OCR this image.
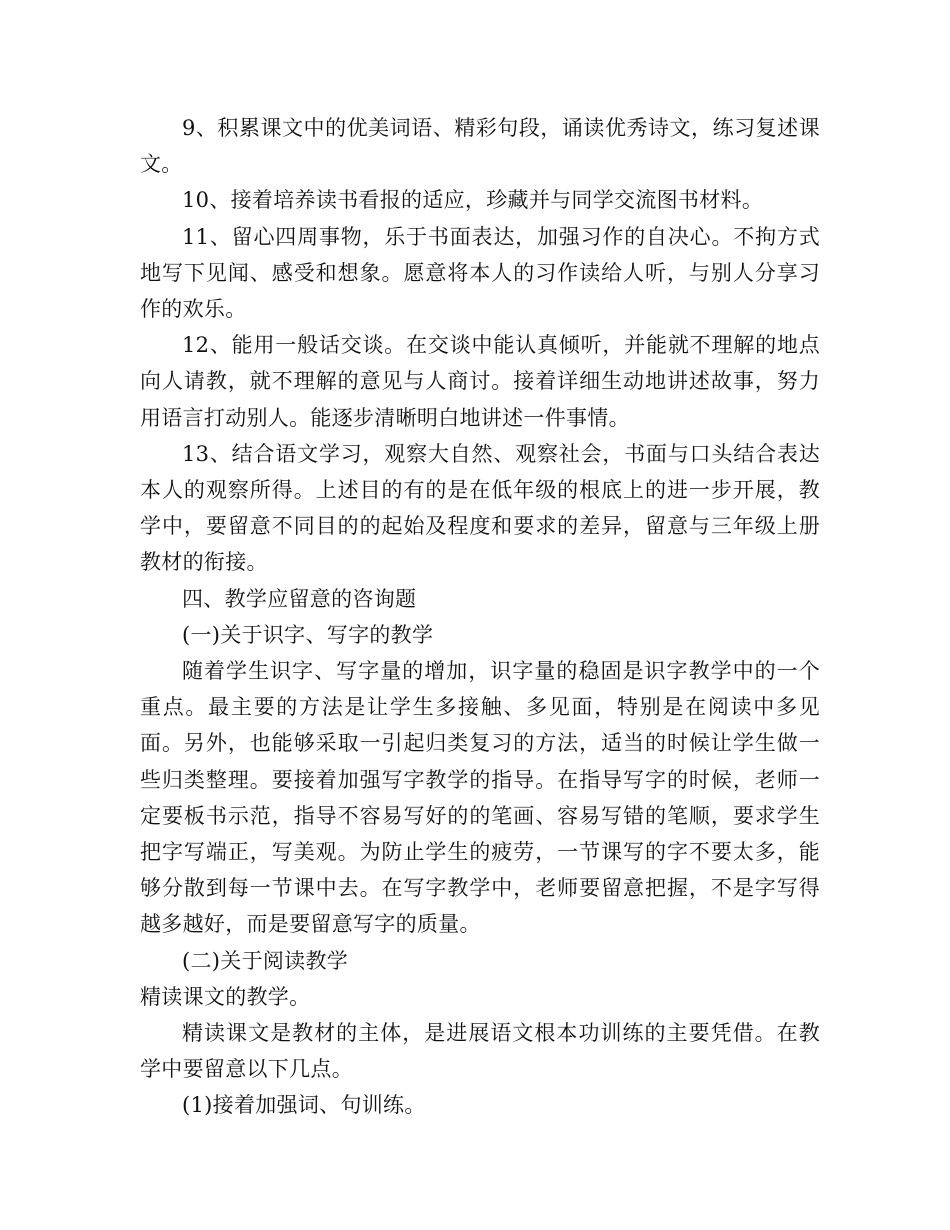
9、积累课文中的优美词语、精彩句段，诵读优秀诗文，练习复述课文。

10、接着培养读书看报的适应，珍藏并与同学交流图书材料。

11、留心四周事物，乐于书面表达，加强习作的自决心。不拘方式地写下见闻、感受和想象。愿意将本人的习作读给人听，与别人分享习作的欢乐。

12、能用一般话交谈。在交谈中能认真倾听，并能就不理解的地点向人请教，就不理解的意见与人商讨。接着详细生动地讲述故事，努力用语言打动别人。能逐步清晰明白地讲述一件事情。

13、结合语文学习，观察大自然、观察社会，书面与口头结合表达本人的观察所得。上述目的有的是在低年级的根底上的进一步开展，教学中，要留意不同目的的起始及程度和要求的差异，留意与三年级上册教材的衔接。

四、教学应留意的咨询题

(一)关于识字、写字的教学

随着学生识字、写字量的增加，识字量的稳固是识字教学中的一个重点。最主要的方法是让学生多接触、多见面，特别是在阅读中多见面。另外，也能够采取一引起归类复习的方法，适当的时候让学生做一些归类整理。要接着加强写字教学的指导。在指导写字的时候，老师一定要板书示范，指导不容易写好的的笔画、容易写错的笔顺，要求学生把字写端正，写美观。为防止学生的疲劳，一节课写的字不要太多，能够分散到每一节课中去。在写字教学中，老师要留意把握，不是字写得越多越好，而是要留意写字的质量。

(二)关于阅读教学

精读课文的教学。

精读课文是教材的主体，是进展语文根本功训练的主要凭借。在教学中要留意以下几点。

(1)接着加强词、句训练。
